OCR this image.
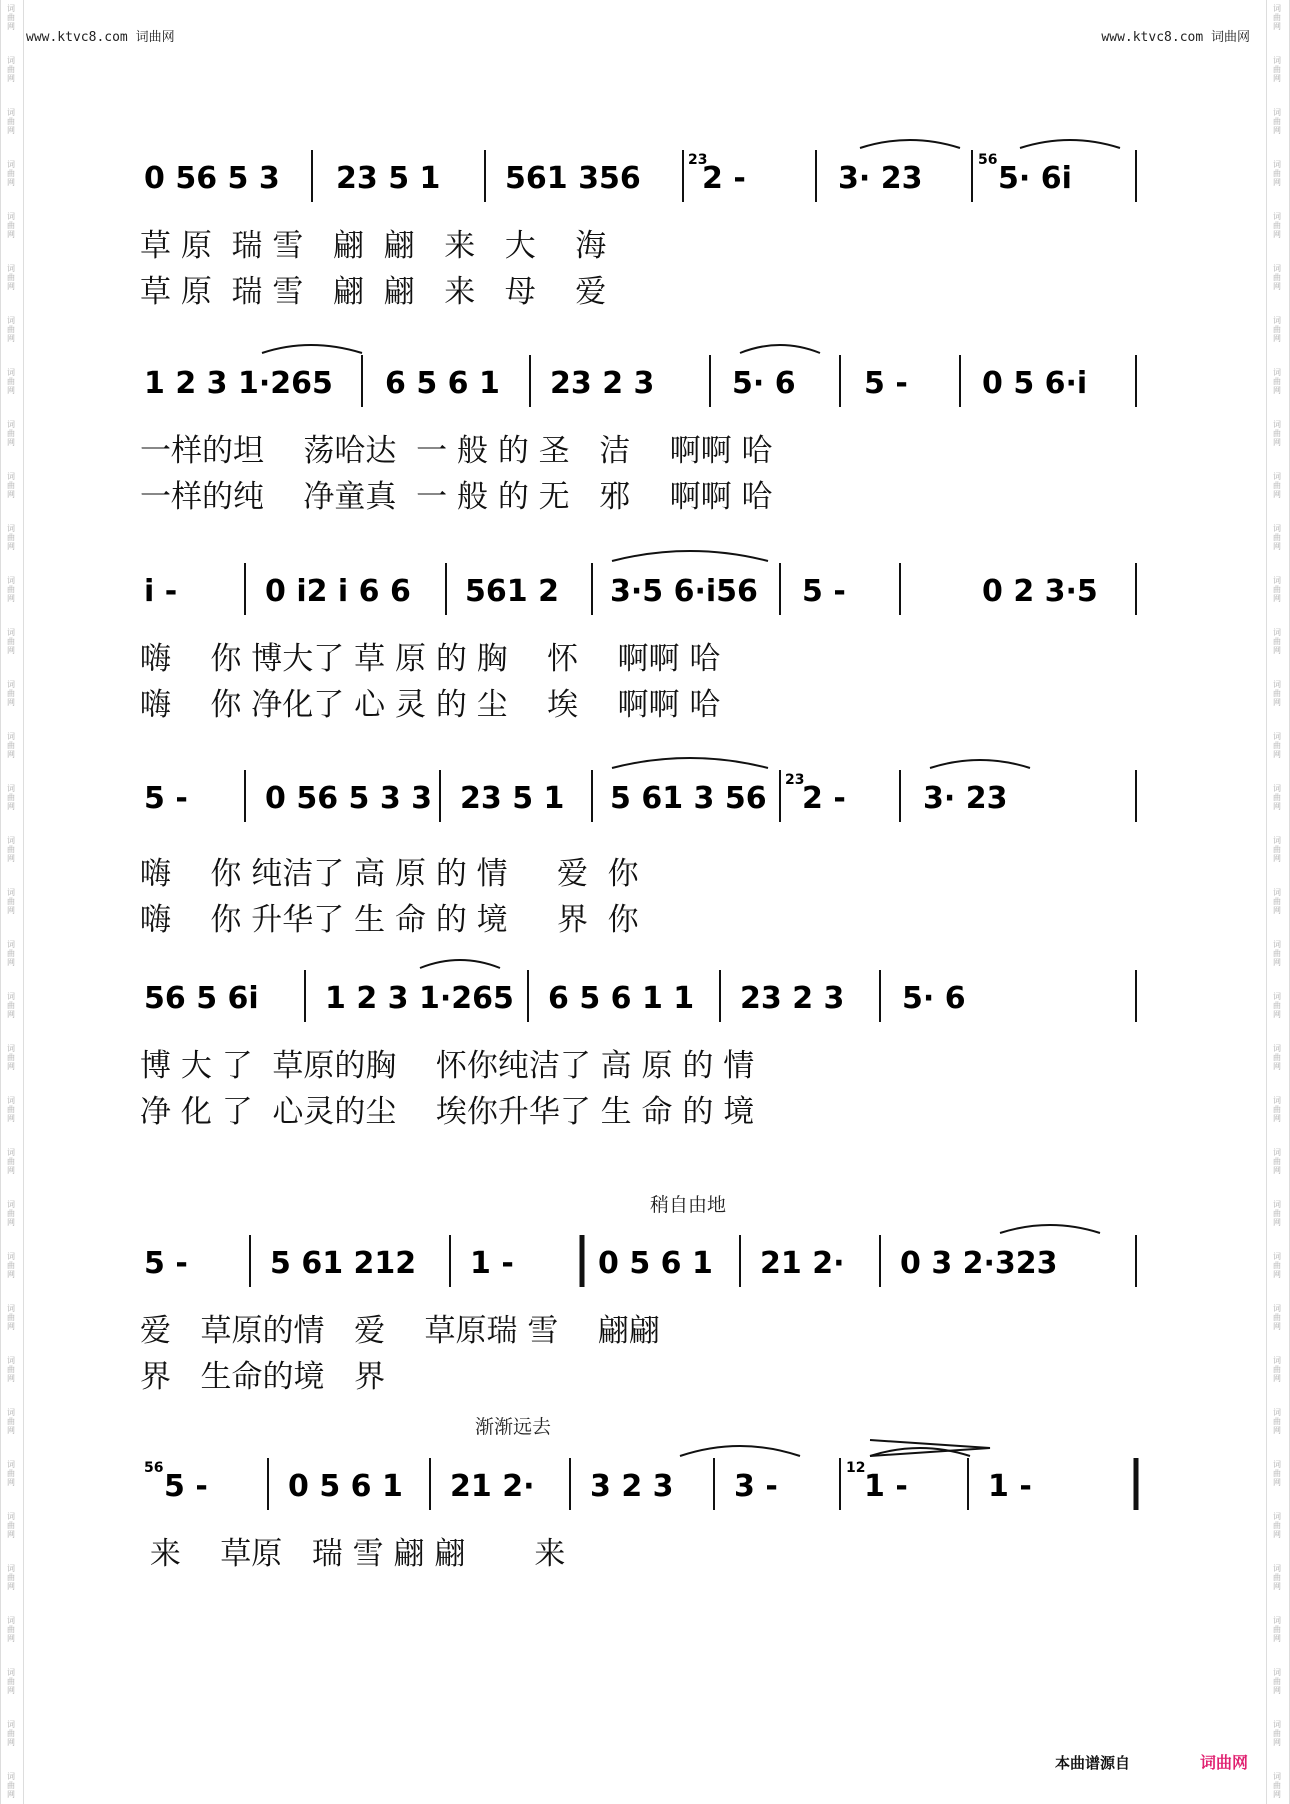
词
曲
网
词
曲
网
词
曲
网
词
曲
网
词
曲
网
词
曲
网
词
曲
网
词
曲
网
词
曲
网
词
曲
网
词
曲
网
词
曲
网
词
曲
网
词
曲
网
词
曲
网
词
曲
网
词
曲
网
词
曲
网
词
曲
网
词
曲
网
词
曲
网
词
曲
网
词
曲
网
词
曲
网
词
曲
网
词
曲
网
词
曲
网
词
曲
网
词
曲
网
词
曲
网
词
曲
网
词
曲
网
词
曲
网
词
曲
网
词
曲
网
词
曲
网
词
曲
网
词
曲
网
词
曲
网
词
曲
网
词
曲
网
词
曲
网
词
曲
网
词
曲
网
词
曲
网
词
曲
网
词
曲
网
词
曲
网
词
曲
网
词
曲
网
词
曲
网
词
曲
网
词
曲
网
词
曲
网
词
曲
网
词
曲
网
词
曲
网
词
曲
网
词
曲
网
词
曲
网
词
曲
网
词
曲
网
词
曲
网
词
曲
网
词
曲
网
词
曲
网
词
曲
网
词
曲
网
词
曲
网
词
曲
网
www.ktvc8.com 词曲网	www.ktvc8.com 词曲网
0 56 5 3 23 5 1 561 356
23
2 -	3· 23
56
5· 6i
草 原  瑞 雪   翩  翩   来   大    海
草 原  瑞 雪   翩  翩   来   母    爱
1 2 3 1·265 6 5 6 1 23 2 3	5· 6 5 - 0 5 6·i
一样的坦    荡哈达  一 般 的 圣   洁    啊啊 哈
一样的纯    净童真  一 般 的 无   邪    啊啊 哈
i -	0 i2 i 6 6 561 2 3·5 6·i56 5 -	0 2 3·5
嗨    你 博大了 草 原 的 胸    怀    啊啊 哈
嗨    你 净化了 心 灵 的 尘    埃    啊啊 哈
5 -	0 56 5 3 3 23 5 1 5 61 3 56
23
2 -	3· 23
嗨    你 纯洁了 高 原 的 情     爱  你
嗨    你 升华了 生 命 的 境     界  你
56 5 6i 1 2 3 1·265 6 5 6 1 1 23 2 3 5· 6
博 大 了  草原的胸    怀你纯洁了 高 原 的 情
净 化 了  心灵的尘    埃你升华了 生 命 的 境
稍自由地
5 -	5 61 212 1 -	0 5 6 1 21 2· 0 3 2·323
爱   草原的情   爱    草原瑞 雪    翩翩
界   生命的境   界
渐渐远去
56
5 -	0 5 6 1 21 2· 3 2 3 3 -
12
1 -	1 -
来    草原   瑞 雪 翩 翩       来
本曲谱源自	词曲网
